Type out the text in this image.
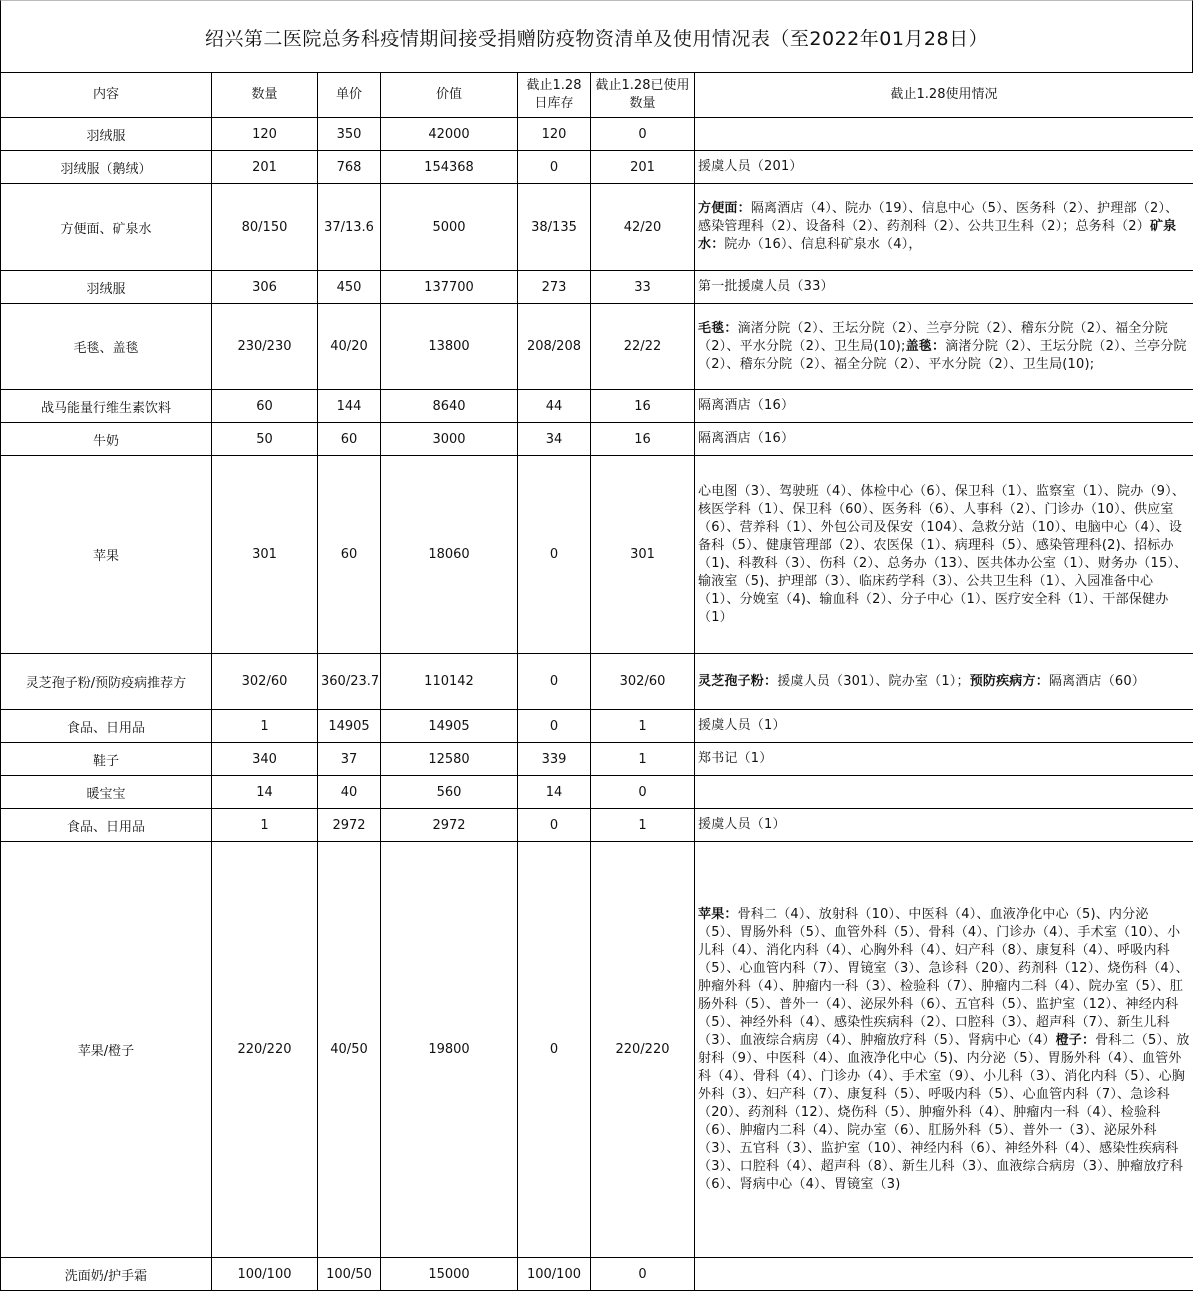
绍兴第二医院总务科疫情期间接受捐赠防疫物资清单及使用情况表（至2022年01月28日）
内容	数量	单价	价值	截止1.28日库存	截止1.28已使用数量	截止1.28使用情况
羽绒服	120	350	42000	120	0	
羽绒服（鹅绒）	201	768	154368	0	201	援虞人员（201）
方便面、矿泉水	80/150	37/13.6	5000	38/135	42/20	方便面：隔离酒店（4）、院办（19）、信息中心（5）、医务科（2）、护理部（2）、感染管理科（2）、设备科（2）、药剂科（2）、公共卫生科（2）；总务科（2）矿泉水：院办（16）、信息科矿泉水（4），
羽绒服	306	450	137700	273	33	第一批援虞人员（33）
毛毯、盖毯	230/230	40/20	13800	208/208	22/22	毛毯：滴渚分院（2）、王坛分院（2）、兰亭分院（2）、稽东分院（2）、福全分院（2）、平水分院（2）、卫生局(10);盖毯：滴渚分院（2）、王坛分院（2）、兰亭分院（2）、稽东分院（2）、福全分院（2）、平水分院（2）、卫生局(10);
战马能量行维生素饮料	60	144	8640	44	16	隔离酒店（16）
牛奶	50	60	3000	34	16	隔离酒店（16）
苹果	301	60	18060	0	301	心电图（3）、驾驶班（4）、体检中心（6）、保卫科（1）、监察室（1）、院办（9）、核医学科（1）、保卫科（60）、医务科（6）、人事科（2）、门诊办（10）、供应室（6）、营养科（1）、外包公司及保安（104）、急救分站（10）、电脑中心（4）、设备科（5）、健康管理部（2）、农医保（1）、病理科（5）、感染管理科(2)、招标办（1)、科教科（3）、伤科（2）、总务办（13）、医共体办公室（1）、财务办（15）、输液室（5)、护理部（3）、临床药学科（3）、公共卫生科（1）、入园准备中心（1）、分娩室（4)、输血科（2）、分子中心（1）、医疗安全科（1）、干部保健办（1）
灵芝孢子粉/预防疫病推荐方	302/60	360/23.7	110142	0	302/60	灵芝孢子粉：援虞人员（301）、院办室（1）；预防疾病方：隔离酒店（60）
食品、日用品	1	14905	14905	0	1	援虞人员（1）
鞋子	340	37	12580	339	1	郑书记（1）
暖宝宝	14	40	560	14	0	
食品、日用品	1	2972	2972	0	1	援虞人员（1）
苹果/橙子	220/220	40/50	19800	0	220/220	苹果：骨科二（4）、放射科（10）、中医科（4）、血液净化中心（5)、内分泌（5）、胃肠外科（5）、血管外科（5）、骨科（4）、门诊办（4）、手术室（10）、小儿科（4）、消化内科（4）、心胸外科（4）、妇产科（8）、康复科（4）、呼吸内科（5）、心血管内科（7）、胃镜室（3）、急诊科（20）、药剂科（12）、烧伤科（4）、肿瘤外科（4）、肿瘤内一科（3）、检验科（7）、肿瘤内二科（4）、院办室（5）、肛肠外科（5）、普外一（4）、泌尿外科（6）、五官科（5）、监护室（12）、神经内科（5）、神经外科（4）、感染性疾病科（2）、口腔科（3）、超声科（7）、新生儿科（3）、血液综合病房（4）、肿瘤放疗科（5）、肾病中心（4）橙子：骨科二（5）、放射科（9）、中医科（4）、血液净化中心（5)、内分泌（5）、胃肠外科（4）、血管外科（4）、骨科（4）、门诊办（4）、手术室（9）、小儿科（3）、消化内科（5）、心胸外科（3）、妇产科（7）、康复科（5）、呼吸内科（5）、心血管内科（7）、急诊科（20）、药剂科（12）、烧伤科（5）、肿瘤外科（4）、肿瘤内一科（4）、检验科（6）、肿瘤内二科（4）、院办室（6）、肛肠外科（5）、普外一（3）、泌尿外科（3）、五官科（3）、监护室（10）、神经内科（6）、神经外科（4）、感染性疾病科（3）、口腔科（4）、超声科（8）、新生儿科（3）、血液综合病房（3）、肿瘤放疗科（6）、肾病中心（4）、胃镜室（3)
洗面奶/护手霜	100/100	100/50	15000	100/100	0	
